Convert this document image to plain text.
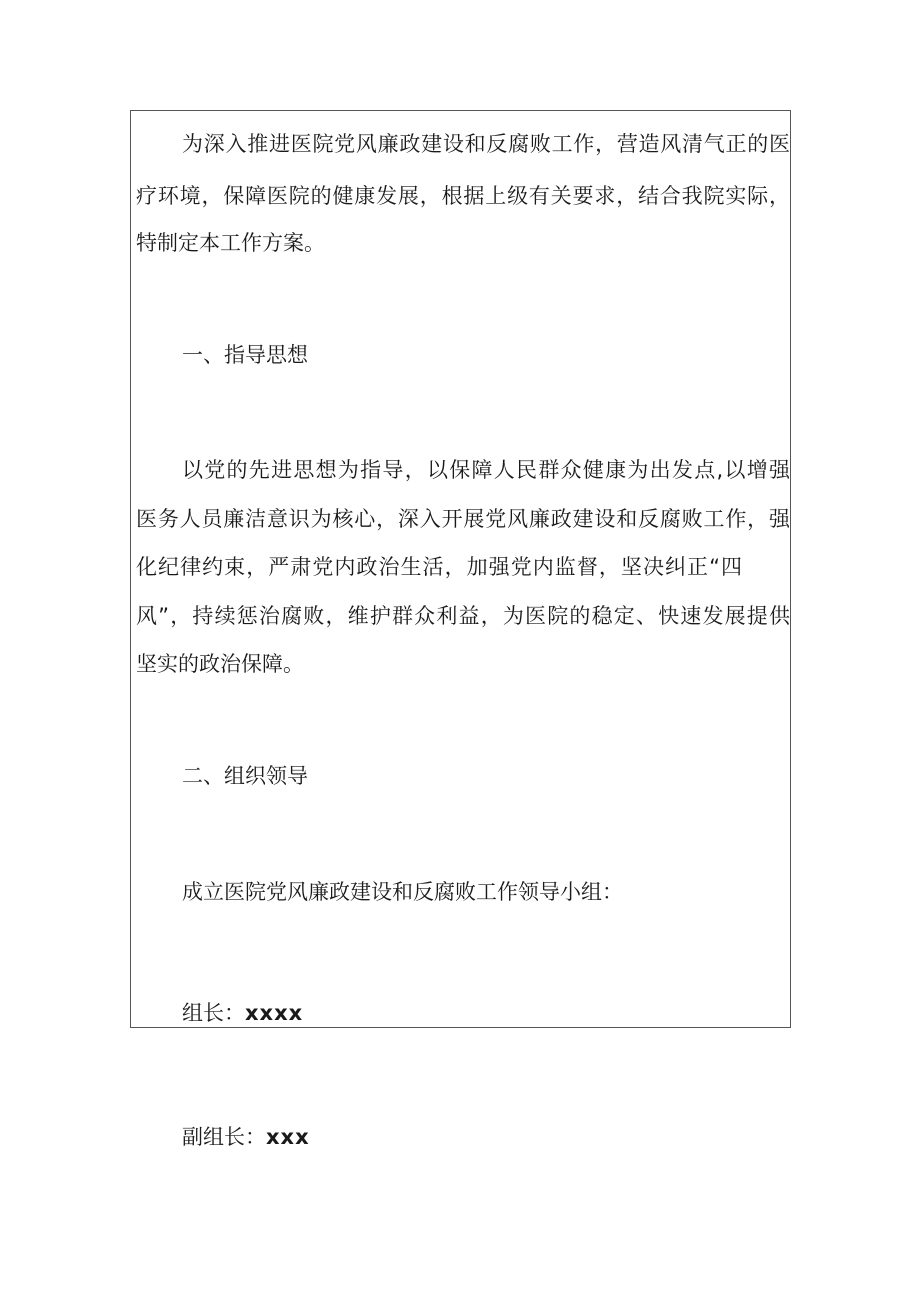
为深入推进医院党风廉政建设和反腐败工作，营造风清气正的医

疗环境，保障医院的健康发展，根据上级有关要求，结合我院实际，

特制定本工作方案。

一、指导思想

以党的先进思想为指导，以保障人民群众健康为出发点,以增强

医务人员廉洁意识为核心，深入开展党风廉政建设和反腐败工作，强

化纪律约束，严肃党内政治生活，加强党内监督，坚决纠正“四

风”，持续惩治腐败，维护群众利益，为医院的稳定、快速发展提供

坚实的政治保障。

二、组织领导

成立医院党风廉政建设和反腐败工作领导小组：

组长：xxxx

副组长：xxx
